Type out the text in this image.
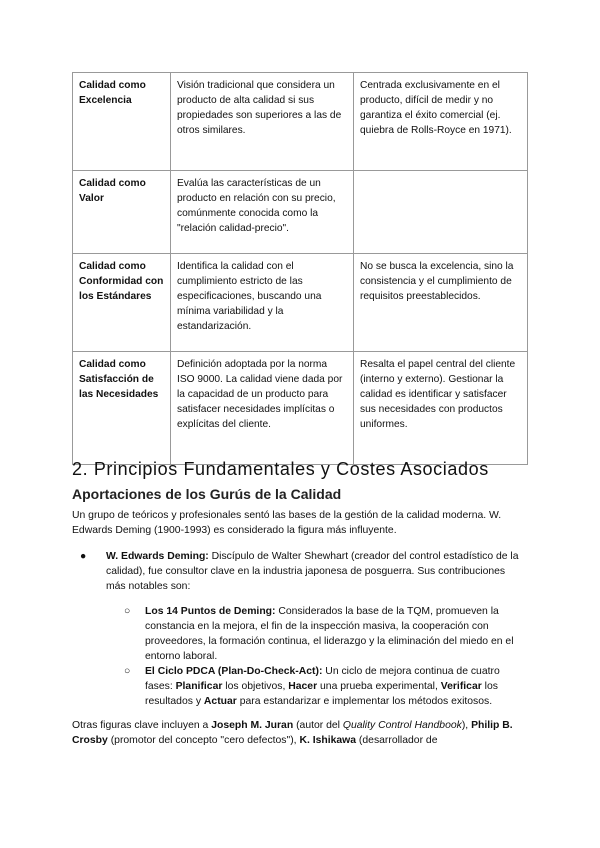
Calidad como Excelencia	Visión tradicional que considera un producto de alta calidad si sus propiedades son superiores a las de otros similares.	Centrada exclusivamente en el producto, difícil de medir y no garantiza el éxito comercial (ej. quiebra de Rolls-Royce en 1971).
Calidad como Valor	Evalúa las características de un producto en relación con su precio, comúnmente conocida como la "relación calidad-precio".	
Calidad como Conformidad con los Estándares	Identifica la calidad con el cumplimiento estricto de las especificaciones, buscando una mínima variabilidad y la estandarización.	No se busca la excelencia, sino la consistencia y el cumplimiento de requisitos preestablecidos.
Calidad como Satisfacción de las Necesidades	Definición adoptada por la norma ISO 9000. La calidad viene dada por la capacidad de un producto para satisfacer necesidades implícitas o explícitas del cliente.	Resalta el papel central del cliente (interno y externo). Gestionar la calidad es identificar y satisfacer sus necesidades con productos uniformes.
2. Principios Fundamentales y Costes Asociados
Aportaciones de los Gurús de la Calidad

Un grupo de teóricos y profesionales sentó las bases de la gestión de la calidad moderna. W. Edwards Deming (1900-1993) es considerado la figura más influyente.

● W. Edwards Deming: Discípulo de Walter Shewhart (creador del control estadístico de la calidad), fue consultor clave en la industria japonesa de posguerra. Sus contribuciones más notables son:
○ Los 14 Puntos de Deming: Considerados la base de la TQM, promueven la constancia en la mejora, el fin de la inspección masiva, la cooperación con proveedores, la formación continua, el liderazgo y la eliminación del miedo en el entorno laboral.
○ El Ciclo PDCA (Plan-Do-Check-Act): Un ciclo de mejora continua de cuatro fases: Planificar los objetivos, Hacer una prueba experimental, Verificar los resultados y Actuar para estandarizar e implementar los métodos exitosos.

Otras figuras clave incluyen a Joseph M. Juran (autor del Quality Control Handbook), Philip B. Crosby (promotor del concepto "cero defectos"), K. Ishikawa (desarrollador de
